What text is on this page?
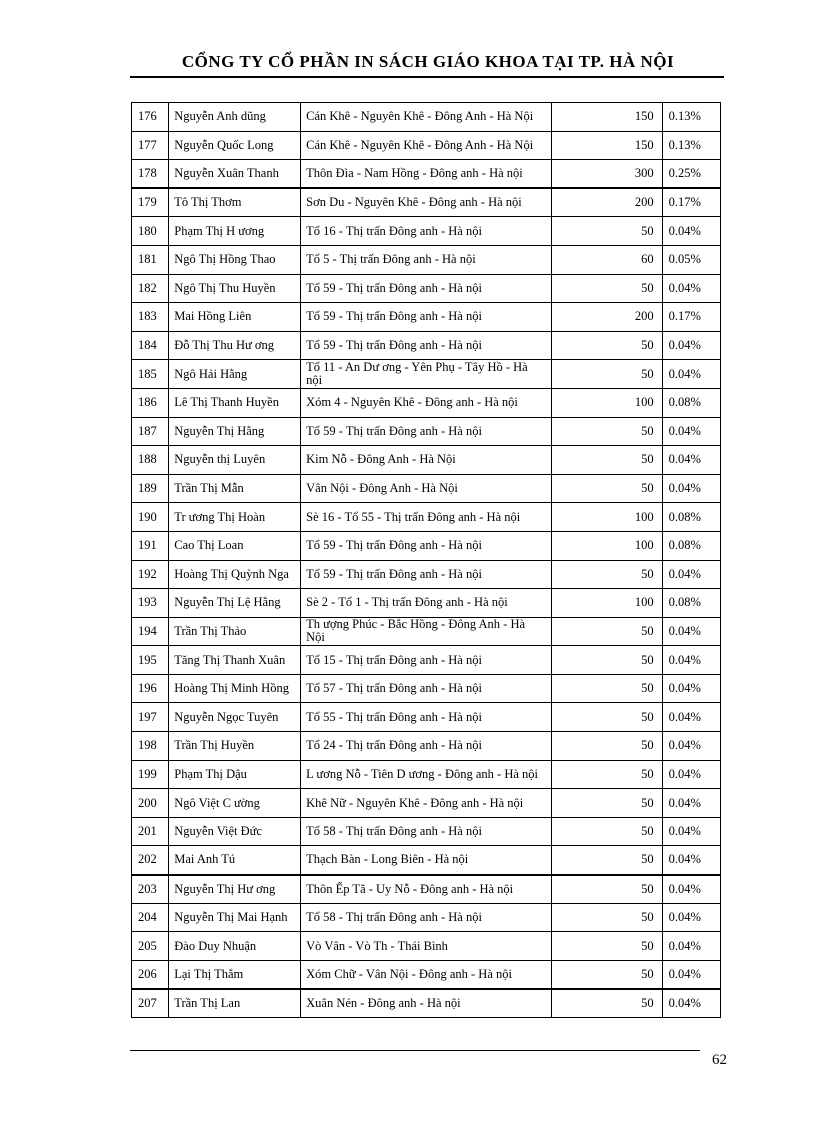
CỔNG TY CỔ PHẦN IN SÁCH GIÁO KHOA TẠI TP. HÀ NỘI
176	Nguyễn Anh dũng	Cán Khê - Nguyên Khê - Đông Anh - Hà Nội	150	0.13%
177	Nguyễn Quốc Long	Cán Khê - Nguyên Khê - Đông Anh - Hà Nội	150	0.13%
178	Nguyễn Xuân Thanh	Thôn Đìa - Nam Hồng - Đông anh - Hà nội	300	0.25%
179	Tô Thị Thơm	Sơn Du - Nguyên Khê - Đông anh - Hà nội	200	0.17%
180	Phạm Thị H ương	Tổ 16 - Thị trấn Đông anh - Hà nội	50	0.04%
181	Ngô Thị Hồng Thao	Tổ 5 - Thị trấn Đông anh - Hà nội	60	0.05%
182	Ngô Thị Thu Huyền	Tổ 59 - Thị trấn Đông anh - Hà nội	50	0.04%
183	Mai Hồng Liên	Tổ 59 - Thị trấn Đông anh - Hà nội	200	0.17%
184	Đỗ Thị Thu Hư ơng	Tổ 59 - Thị trấn Đông anh - Hà nội	50	0.04%
185	Ngô Hải Hằng	Tổ 11 - An Dư ơng - Yên Phụ - Tây Hồ - Hà nội	50	0.04%
186	Lê Thị Thanh Huyền	Xóm 4 - Nguyên Khê - Đông anh - Hà nội	100	0.08%
187	Nguyễn Thị Hằng	Tổ 59 - Thị trấn Đông anh - Hà nội	50	0.04%
188	Nguyễn thị Luyên	Kim Nỗ - Đông Anh - Hà Nội	50	0.04%
189	Trần Thị Mẫn	Vân Nội - Đông Anh - Hà Nội	50	0.04%
190	Tr ương Thị Hoàn	Sè 16 - Tổ 55 - Thị trấn Đông anh - Hà nội	100	0.08%
191	Cao Thị Loan	Tổ 59 - Thị trấn Đông anh - Hà nội	100	0.08%
192	Hoàng Thị Quỳnh Nga	Tổ 59 - Thị trấn Đông anh - Hà nội	50	0.04%
193	Nguyễn Thị Lệ Hằng	Sè 2 - Tổ 1 - Thị trấn Đông anh - Hà nội	100	0.08%
194	Trần Thị Thảo	Th ượng Phúc - Bắc Hồng - Đông Anh - Hà Nội	50	0.04%
195	Tăng Thị Thanh Xuân	Tổ 15 - Thị trấn Đông anh - Hà nội	50	0.04%
196	Hoàng Thị Minh Hồng	Tổ 57 - Thị trấn Đông anh - Hà nội	50	0.04%
197	Nguyễn Ngọc Tuyên	Tổ 55 - Thị trấn Đông anh - Hà nội	50	0.04%
198	Trần Thị Huyền	Tổ 24 - Thị trấn Đông anh - Hà nội	50	0.04%
199	Phạm Thị Dậu	L ương Nỗ - Tiên D ương - Đông anh - Hà nội	50	0.04%
200	Ngô Việt C ường	Khê Nữ - Nguyên Khê - Đông anh - Hà nội	50	0.04%
201	Nguyễn Việt Đức	Tổ 58 - Thị trấn Đông anh - Hà nội	50	0.04%
202	Mai Anh Tú	Thạch Bàn - Long Biên - Hà nội	50	0.04%
203	Nguyễn Thị Hư ơng	Thôn Ếp Tã - Uy Nỗ - Đông anh - Hà nội	50	0.04%
204	Nguyễn Thị Mai Hạnh	Tổ 58 - Thị trấn Đông anh - Hà nội	50	0.04%
205	Đào Duy Nhuận	Vò Vân - Vò Th - Thái Bình	50	0.04%
206	Lại Thị Thắm	Xóm Chữ - Vân Nội - Đông anh - Hà nội	50	0.04%
207	Trần Thị Lan	Xuân Nén - Đông anh - Hà nội	50	0.04%
62
